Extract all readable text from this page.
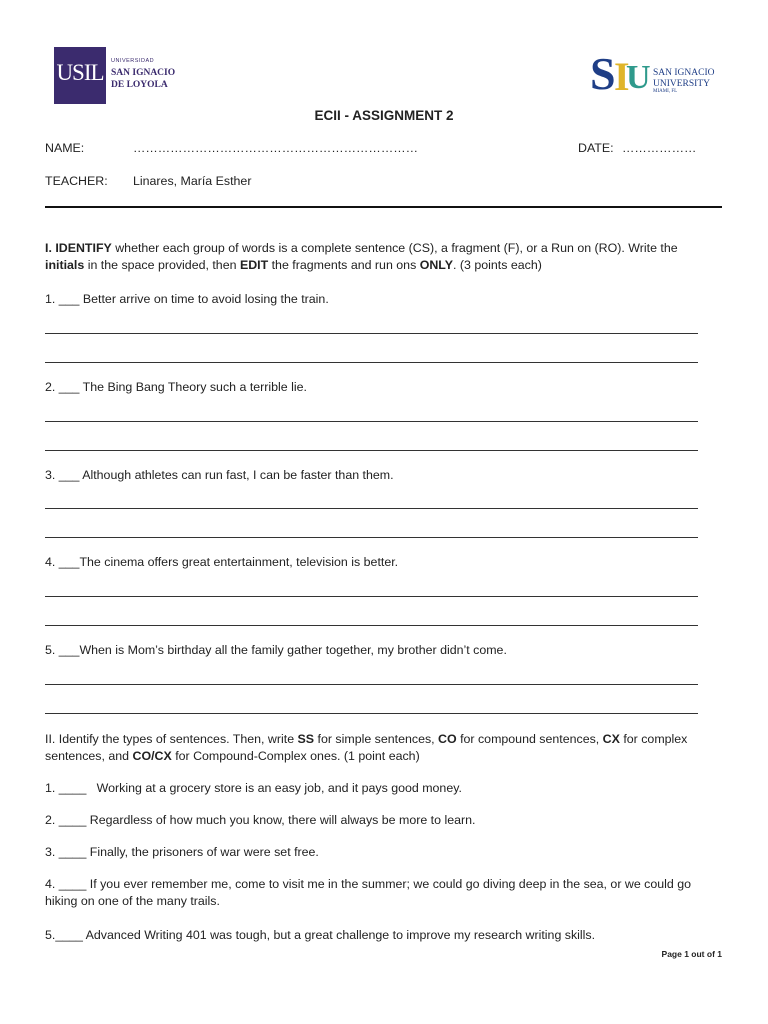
USIL	UNIVERSIDAD
SAN IGNACIO
DE LOYOLA	S
I
U SAN IGNACIO
UNIVERSITY
MIAMI, FL
ECII - ASSIGNMENT 2
NAME:	……………………………………………………………	DATE: ………………
TEACHER: Linares, María Esther
I. IDENTIFY whether each group of words is a complete sentence (CS), a fragment (F), or a Run on (RO). Write the initials in the space provided, then EDIT the fragments and run ons ONLY. (3 points each)
1. ___ Better arrive on time to avoid losing the train.
2. ___ The Bing Bang Theory such a terrible lie.
3. ___ Although athletes can run fast, I can be faster than them.
4. ___The cinema offers great entertainment, television is better.
5. ___When is Mom’s birthday all the family gather together, my brother didn’t come.
II. Identify the types of sentences. Then, write SS for simple sentences, CO for compound sentences, CX for complex sentences, and CO/CX for Compound-Complex ones. (1 point each)
1. ____   Working at a grocery store is an easy job, and it pays good money.
2. ____ Regardless of how much you know, there will always be more to learn.
3. ____ Finally, the prisoners of war were set free.
4. ____ If you ever remember me, come to visit me in the summer; we could go diving deep in the sea, or we could go hiking on one of the many trails.
5.____ Advanced Writing 401 was tough, but a great challenge to improve my research writing skills.
Page 1 out of 1
